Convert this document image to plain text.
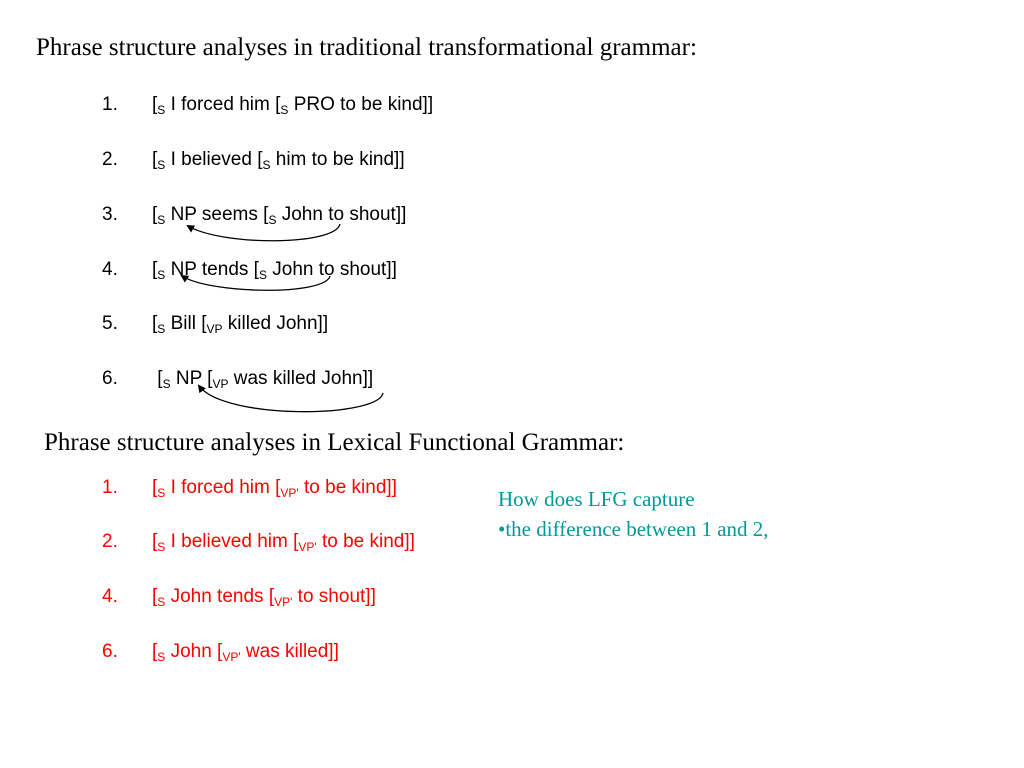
Phrase structure analyses in traditional transformational grammar:
1. [$_S$ I forced him [$_S$ PRO to be kind]]
2. [$_S$ I believed [$_S$ him to be kind]]
3. [$_S$ NP seems [$_S$ John to shout]]
4. [$_S$ NP tends [$_S$ John to shout]]
5. [$_S$ Bill [$_{VP}$ killed John]]
6. [$_S$ NP [$_{VP}$ was killed John]]
Phrase structure analyses in Lexical Functional Grammar:
1. [$_S$ I forced him [$_{VP'}$ to be kind]]
2. [$_S$ I believed him [$_{VP'}$ to be kind]]
4. [$_S$ John tends [$_{VP'}$ to shout]]
6. [$_S$ John [$_{VP'}$ was killed]]
How does LFG capture
•the difference between 1 and 2,
